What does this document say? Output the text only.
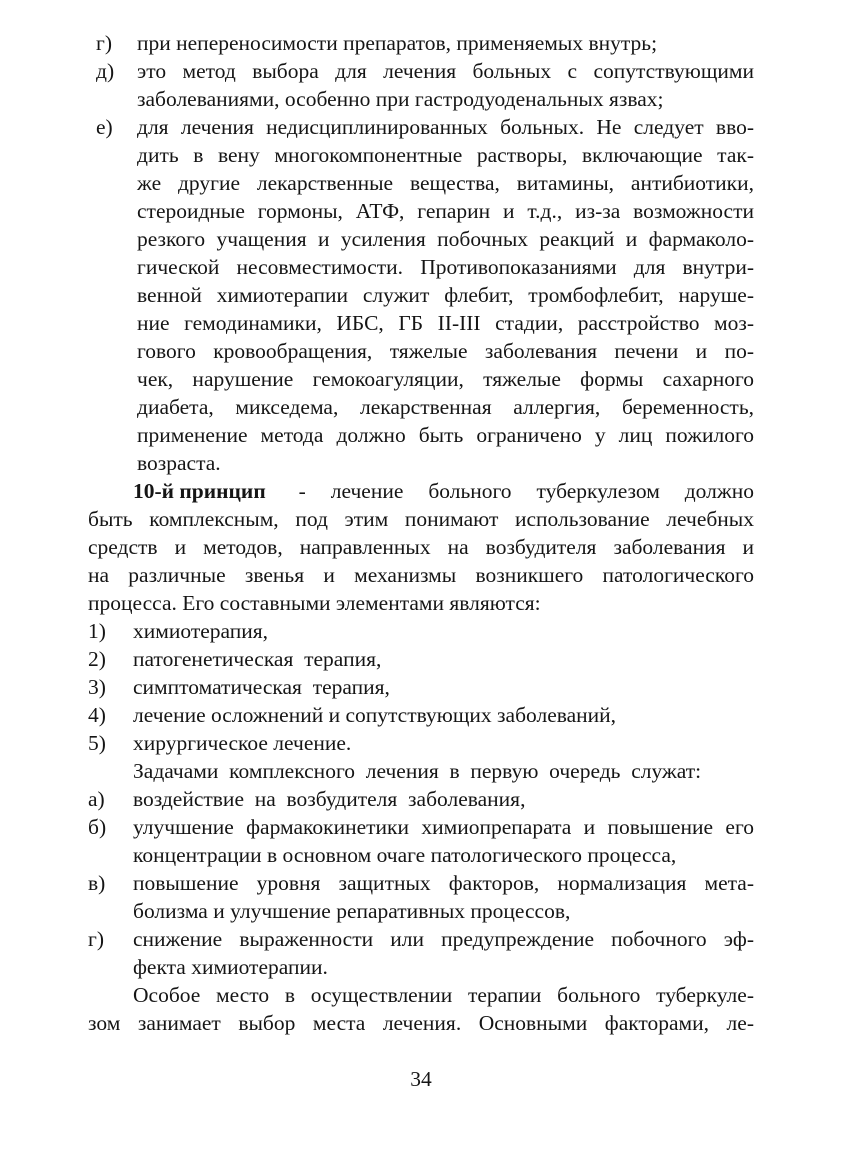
г) при непереносимости препаратов, применяемых внутрь;
д) это метод выбора для лечения больных с сопутствующими
заболеваниями, особенно при гастродуоденальных язвах;
е) для лечения недисциплинированных больных. Не следует вво-
дить в вену многокомпонентные растворы, включающие так-
же другие лекарственные вещества, витамины, антибиотики,
стероидные гормоны, АТФ, гепарин и т.д., из-за возможности
резкого учащения и усиления побочных реакций и фармаколо-
гической несовместимости. Противопоказаниями для внутри-
венной химиотерапии служит флебит, тромбофлебит, наруше-
ние гемодинамики, ИБС, ГБ II-III стадии, расстройство моз-
гового кровообращения, тяжелые заболевания печени и по-
чек, нарушение гемокоагуляции, тяжелые формы сахарного
диабета, микседема, лекарственная аллергия, беременность,
применение метода должно быть ограничено у лиц пожилого
возраста.
10-й принцип - лечение больного туберкулезом должно
быть комплексным, под этим понимают использование лечебных
средств и методов, направленных на возбудителя заболевания и
на различные звенья и механизмы возникшего патологического
процесса. Его составными элементами являются:
1) химиотерапия,
2) патогенетическая  терапия,
3) симптоматическая  терапия,
4) лечение осложнений и сопутствующих заболеваний,
5) хирургическое лечение.
Задачами  комплексного  лечения  в  первую  очередь  служат:
а) воздействие  на  возбудителя  заболевания,
б) улучшение фармакокинетики химиопрепарата и повышение его
концентрации в основном очаге патологического процесса,
в) повышение уровня защитных факторов, нормализация мета-
болизма и улучшение репаративных процессов,
г) снижение выраженности или предупреждение побочного эф-
фекта химиотерапии.
Особое место в осуществлении терапии больного туберкуле-
зом занимает выбор места лечения. Основными факторами, ле-
34
